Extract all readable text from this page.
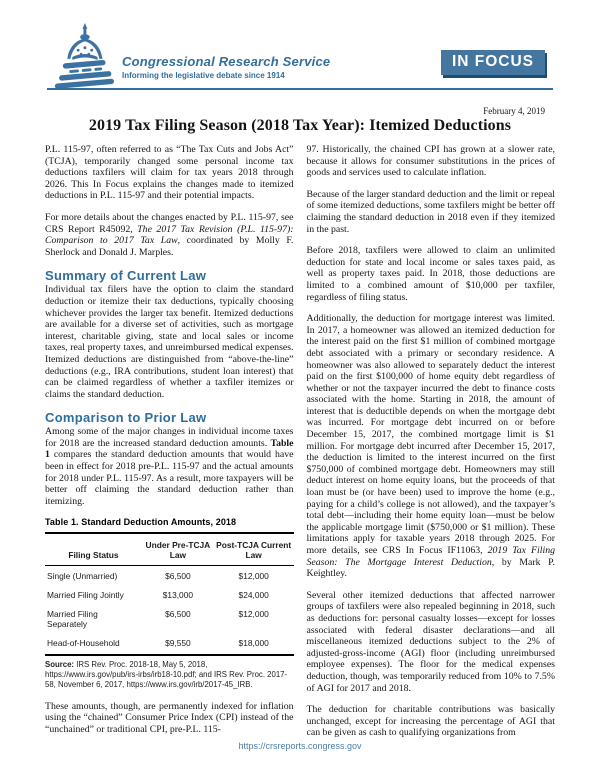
Congressional Research Service
Informing the legislative debate since 1914
IN FOCUS
February 4, 2019
2019 Tax Filing Season (2018 Tax Year): Itemized Deductions

P.L. 115-97, often referred to as “The Tax Cuts and Jobs Act” (TCJA), temporarily changed some personal income tax deductions taxfilers will claim for tax years 2018 through 2026. This In Focus explains the changes made to itemized deductions in P.L. 115-97 and their potential impacts.

For more details about the changes enacted by P.L. 115-97, see CRS Report R45092, The 2017 Tax Revision (P.L. 115-97): Comparison to 2017 Tax Law, coordinated by Molly F. Sherlock and Donald J. Marples.

Summary of Current Law

Individual tax filers have the option to claim the standard deduction or itemize their tax deductions, typically choosing whichever provides the larger tax benefit. Itemized deductions are available for a diverse set of activities, such as mortgage interest, charitable giving, state and local sales or income taxes, real property taxes, and unreimbursed medical expenses. Itemized deductions are distinguished from “above-the-line” deductions (e.g., IRA contributions, student loan interest) that can be claimed regardless of whether a taxfiler itemizes or claims the standard deduction.

Comparison to Prior Law

Among some of the major changes in individual income taxes for 2018 are the increased standard deduction amounts. Table 1 compares the standard deduction amounts that would have been in effect for 2018 pre-P.L. 115-97 and the actual amounts for 2018 under P.L. 115-97. As a result, more taxpayers will be better off claiming the standard deduction rather than itemizing.

Table 1. Standard Deduction Amounts, 2018
Filing Status	Under Pre-TCJA Law	Post-TCJA Current Law
Single (Unmarried)	$6,500	$12,000
Married Filing Jointly	$13,000	$24,000
Married Filing Separately	$6,500	$12,000
Head-of-Household	$9,550	$18,000
Source: IRS Rev. Proc. 2018-18, May 5, 2018, https://www.irs.gov/pub/irs-irbs/irb18-10.pdf; and IRS Rev. Proc. 2017-58, November 6, 2017, https://www.irs.gov/irb/2017-45_IRB.

These amounts, though, are permanently indexed for inflation using the “chained” Consumer Price Index (CPI) instead of the “unchained” or traditional CPI, pre-P.L. 115-

97. Historically, the chained CPI has grown at a slower rate, because it allows for consumer substitutions in the prices of goods and services used to calculate inflation.

Because of the larger standard deduction and the limit or repeal of some itemized deductions, some taxfilers might be better off claiming the standard deduction in 2018 even if they itemized in the past.

Before 2018, taxfilers were allowed to claim an unlimited deduction for state and local income or sales taxes paid, as well as property taxes paid. In 2018, those deductions are limited to a combined amount of $10,000 per taxfiler, regardless of filing status.

Additionally, the deduction for mortgage interest was limited. In 2017, a homeowner was allowed an itemized deduction for the interest paid on the first $1 million of combined mortgage debt associated with a primary or secondary residence. A homeowner was also allowed to separately deduct the interest paid on the first $100,000 of home equity debt regardless of whether or not the taxpayer incurred the debt to finance costs associated with the home. Starting in 2018, the amount of interest that is deductible depends on when the mortgage debt was incurred. For mortgage debt incurred on or before December 15, 2017, the combined mortgage limit is $1 million. For mortgage debt incurred after December 15, 2017, the deduction is limited to the interest incurred on the first $750,000 of combined mortgage debt. Homeowners may still deduct interest on home equity loans, but the proceeds of that loan must be (or have been) used to improve the home (e.g., paying for a child’s college is not allowed), and the taxpayer’s total debt—including their home equity loan—must be below the applicable mortgage limit ($750,000 or $1 million). These limitations apply for taxable years 2018 through 2025. For more details, see CRS In Focus IF11063, 2019 Tax Filing Season: The Mortgage Interest Deduction, by Mark P. Keightley.

Several other itemized deductions that affected narrower groups of taxfilers were also repealed beginning in 2018, such as deductions for: personal casualty losses—except for losses associated with federal disaster declarations—and all miscellaneous itemized deductions subject to the 2% of adjusted-gross-income (AGI) floor (including unreimbursed employee expenses). The floor for the medical expenses deduction, though, was temporarily reduced from 10% to 7.5% of AGI for 2017 and 2018.

The deduction for charitable contributions was basically unchanged, except for increasing the percentage of AGI that can be given as cash to qualifying organizations from

https://crsreports.congress.gov
